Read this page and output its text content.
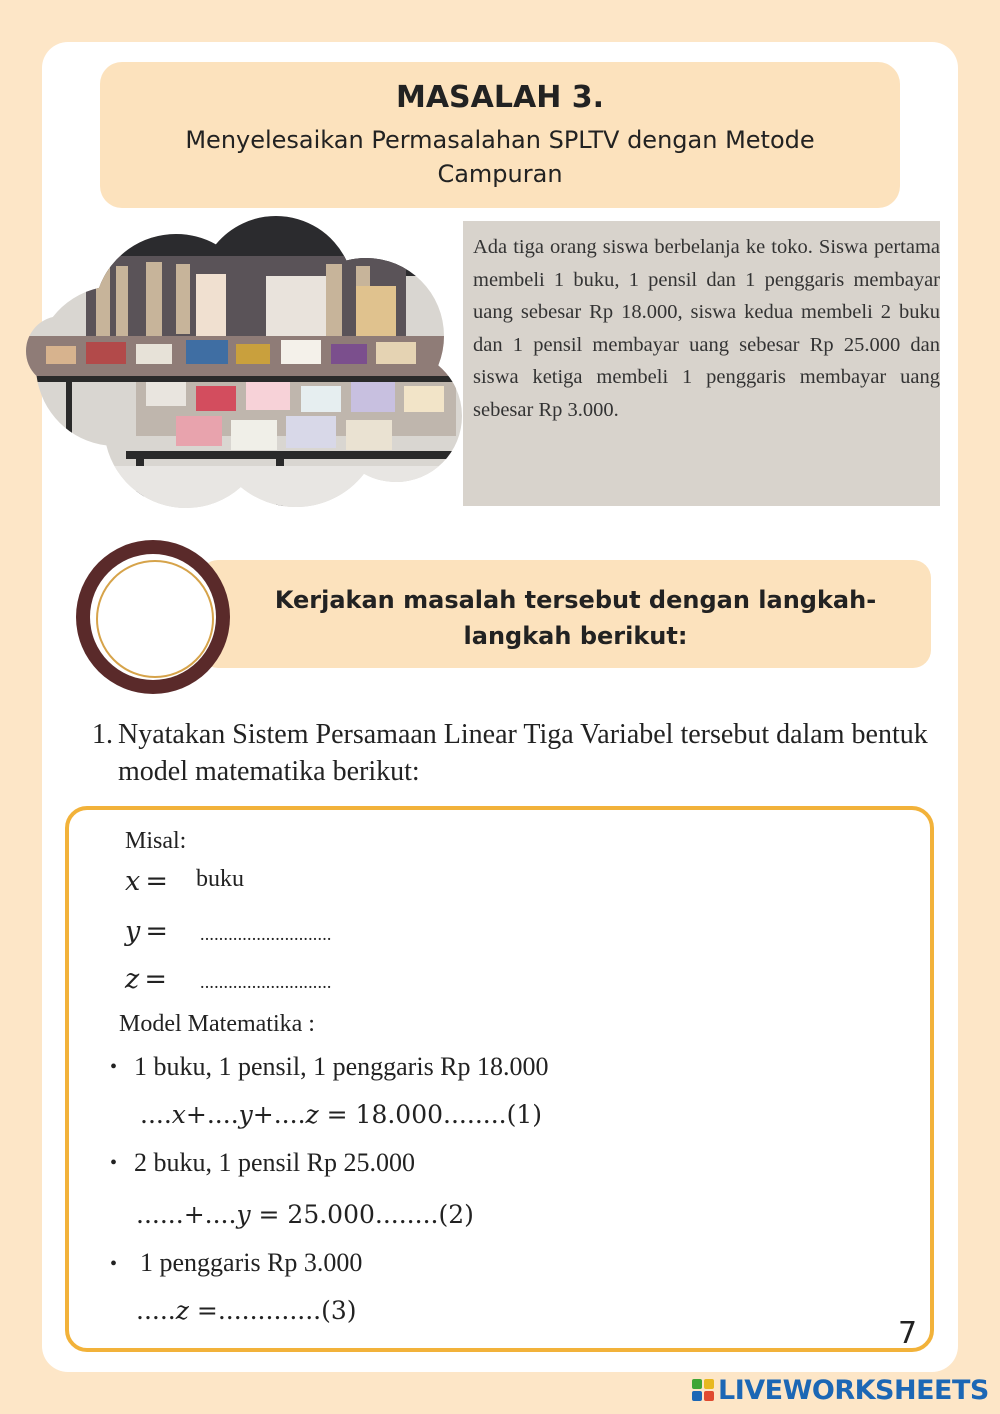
MASALAH 3.
Menyelesaikan Permasalahan SPLTV dengan Metode Campuran

Ada tiga orang siswa berbelanja ke toko. Siswa pertama membeli 1 buku, 1 pensil dan 1 penggaris membayar uang sebesar Rp 18.000, siswa kedua membeli 2 buku dan 1 pensil membayar uang sebesar Rp 25.000 dan siswa ketiga membeli 1 penggaris membayar uang sebesar Rp 3.000.

Kerjakan masalah tersebut dengan langkah-langkah berikut:
1. Nyatakan Sistem Persamaan Linear Tiga Variabel tersebut dalam bentuk model matematika berikut:
Misal:
x = buku
y = ............................
z = ............................
Model Matematika :
• 1 buku, 1 pensil, 1 penggaris Rp 18.000
....x+....y+....z = 18.000........(1)
• 2 buku, 1 pensil Rp 25.000
......+....y = 25.000........(2)
• 1 penggaris Rp 3.000
.....z =.............(3)
7
LIVEWORKSHEETS
